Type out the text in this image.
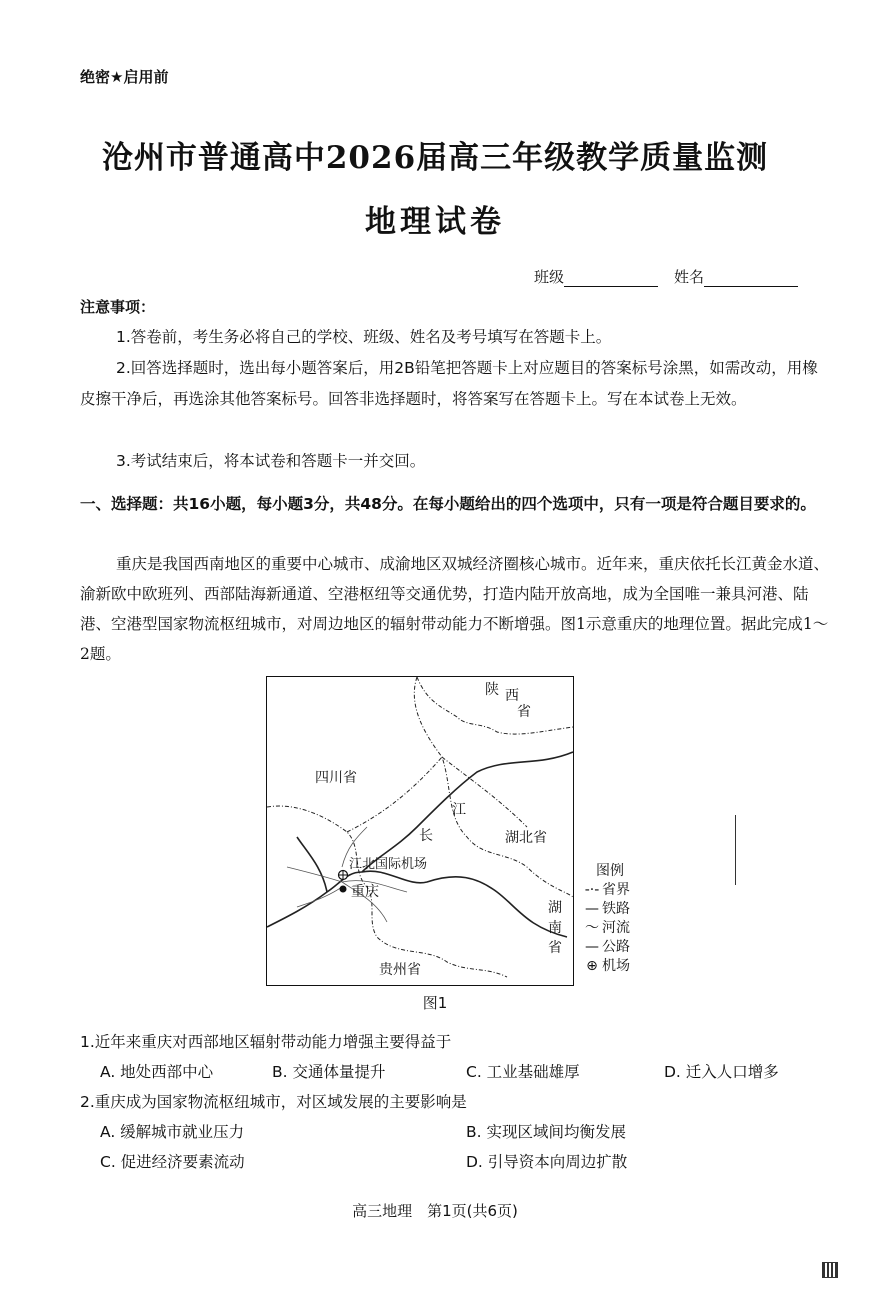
绝密★启用前
沧州市普通高中2026届高三年级教学质量监测
地理试卷
班级	姓名
注意事项：
1.答卷前，考生务必将自己的学校、班级、姓名及考号填写在答题卡上。
2.回答选择题时，选出每小题答案后，用2B铅笔把答题卡上对应题目的答案标号涂黑，如需改动，用橡皮擦干净后，再选涂其他答案标号。回答非选择题时，将答案写在答题卡上。写在本试卷上无效。
3.考试结束后，将本试卷和答题卡一并交回。
一、选择题：共16小题，每小题3分，共48分。在每小题给出的四个选项中，只有一项是符合题目要求的。
重庆是我国西南地区的重要中心城市、成渝地区双城经济圈核心城市。近年来，重庆依托长江黄金水道、渝新欧中欧班列、西部陆海新通道、空港枢纽等交通优势，打造内陆开放高地，成为全国唯一兼具河港、陆港、空港型国家物流枢纽城市，对周边地区的辐射带动能力不断增强。图1示意重庆的地理位置。据此完成1～2题。
陕 西
省
四川省
江
长	湖北省
江北国际机场
重庆
湖
南
省
贵州省
图例
-·- 省界
— 铁路
〜 河流
— 公路
⊕ 机场
图1
1.近年来重庆对西部地区辐射带动能力增强主要得益于
A. 地处西部中心	B. 交通体量提升	C. 工业基础雄厚	D. 迁入人口增多
2.重庆成为国家物流枢纽城市，对区域发展的主要影响是
A. 缓解城市就业压力	B. 实现区域间均衡发展
C. 促进经济要素流动	D. 引导资本向周边扩散
高三地理　第1页(共6页)
